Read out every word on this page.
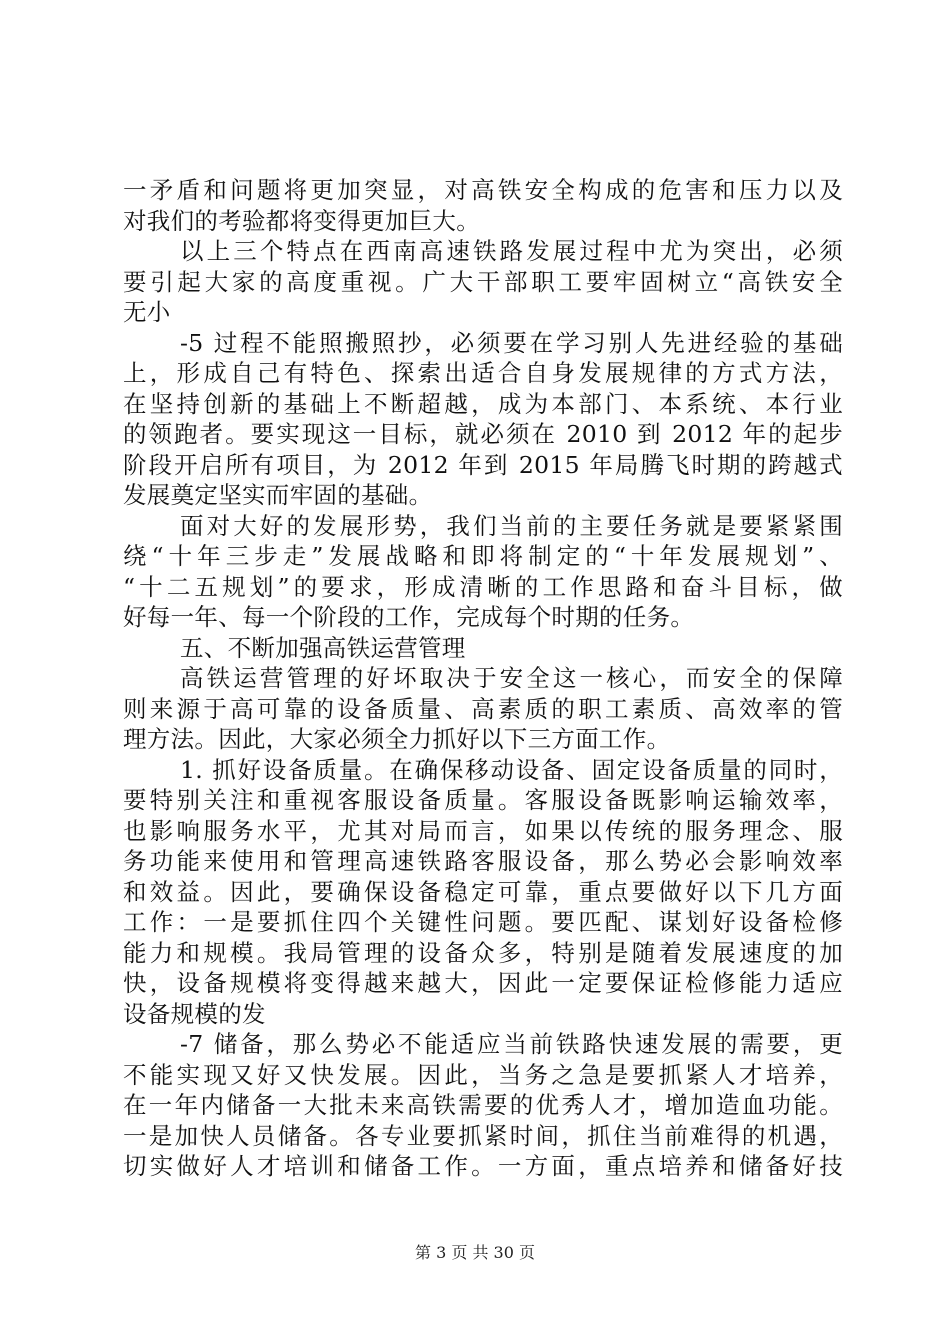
一矛盾和问题将更加突显，对高铁安全构成的危害和压力以及
对我们的考验都将变得更加巨大。
以上三个特点在西南高速铁路发展过程中尤为突出，必须
要引起大家的高度重视。广大干部职工要牢固树立“高铁安全
无小
-5 过程不能照搬照抄，必须要在学习别人先进经验的基础
上，形成自己有特色、探索出适合自身发展规律的方式方法，
在坚持创新的基础上不断超越，成为本部门、本系统、本行业
的领跑者。要实现这一目标，就必须在 2010 到 2012 年的起步
阶段开启所有项目，为 2012 年到 2015 年局腾飞时期的跨越式
发展奠定坚实而牢固的基础。
面对大好的发展形势，我们当前的主要任务就是要紧紧围
绕“十年三步走”发展战略和即将制定的“十年发展规划”、
“十二五规划”的要求，形成清晰的工作思路和奋斗目标，做
好每一年、每一个阶段的工作，完成每个时期的任务。
五、不断加强高铁运营管理
高铁运营管理的好坏取决于安全这一核心，而安全的保障
则来源于高可靠的设备质量、高素质的职工素质、高效率的管
理方法。因此，大家必须全力抓好以下三方面工作。
1. 抓好设备质量。在确保移动设备、固定设备质量的同时，
要特别关注和重视客服设备质量。客服设备既影响运输效率，
也影响服务水平，尤其对局而言，如果以传统的服务理念、服
务功能来使用和管理高速铁路客服设备，那么势必会影响效率
和效益。因此，要确保设备稳定可靠，重点要做好以下几方面
工作：一是要抓住四个关键性问题。要匹配、谋划好设备检修
能力和规模。我局管理的设备众多，特别是随着发展速度的加
快，设备规模将变得越来越大，因此一定要保证检修能力适应
设备规模的发
-7 储备，那么势必不能适应当前铁路快速发展的需要，更
不能实现又好又快发展。因此，当务之急是要抓紧人才培养，
在一年内储备一大批未来高铁需要的优秀人才，增加造血功能。
一是加快人员储备。各专业要抓紧时间，抓住当前难得的机遇，
切实做好人才培训和储备工作。一方面，重点培养和储备好技
第 3 页 共 30 页
